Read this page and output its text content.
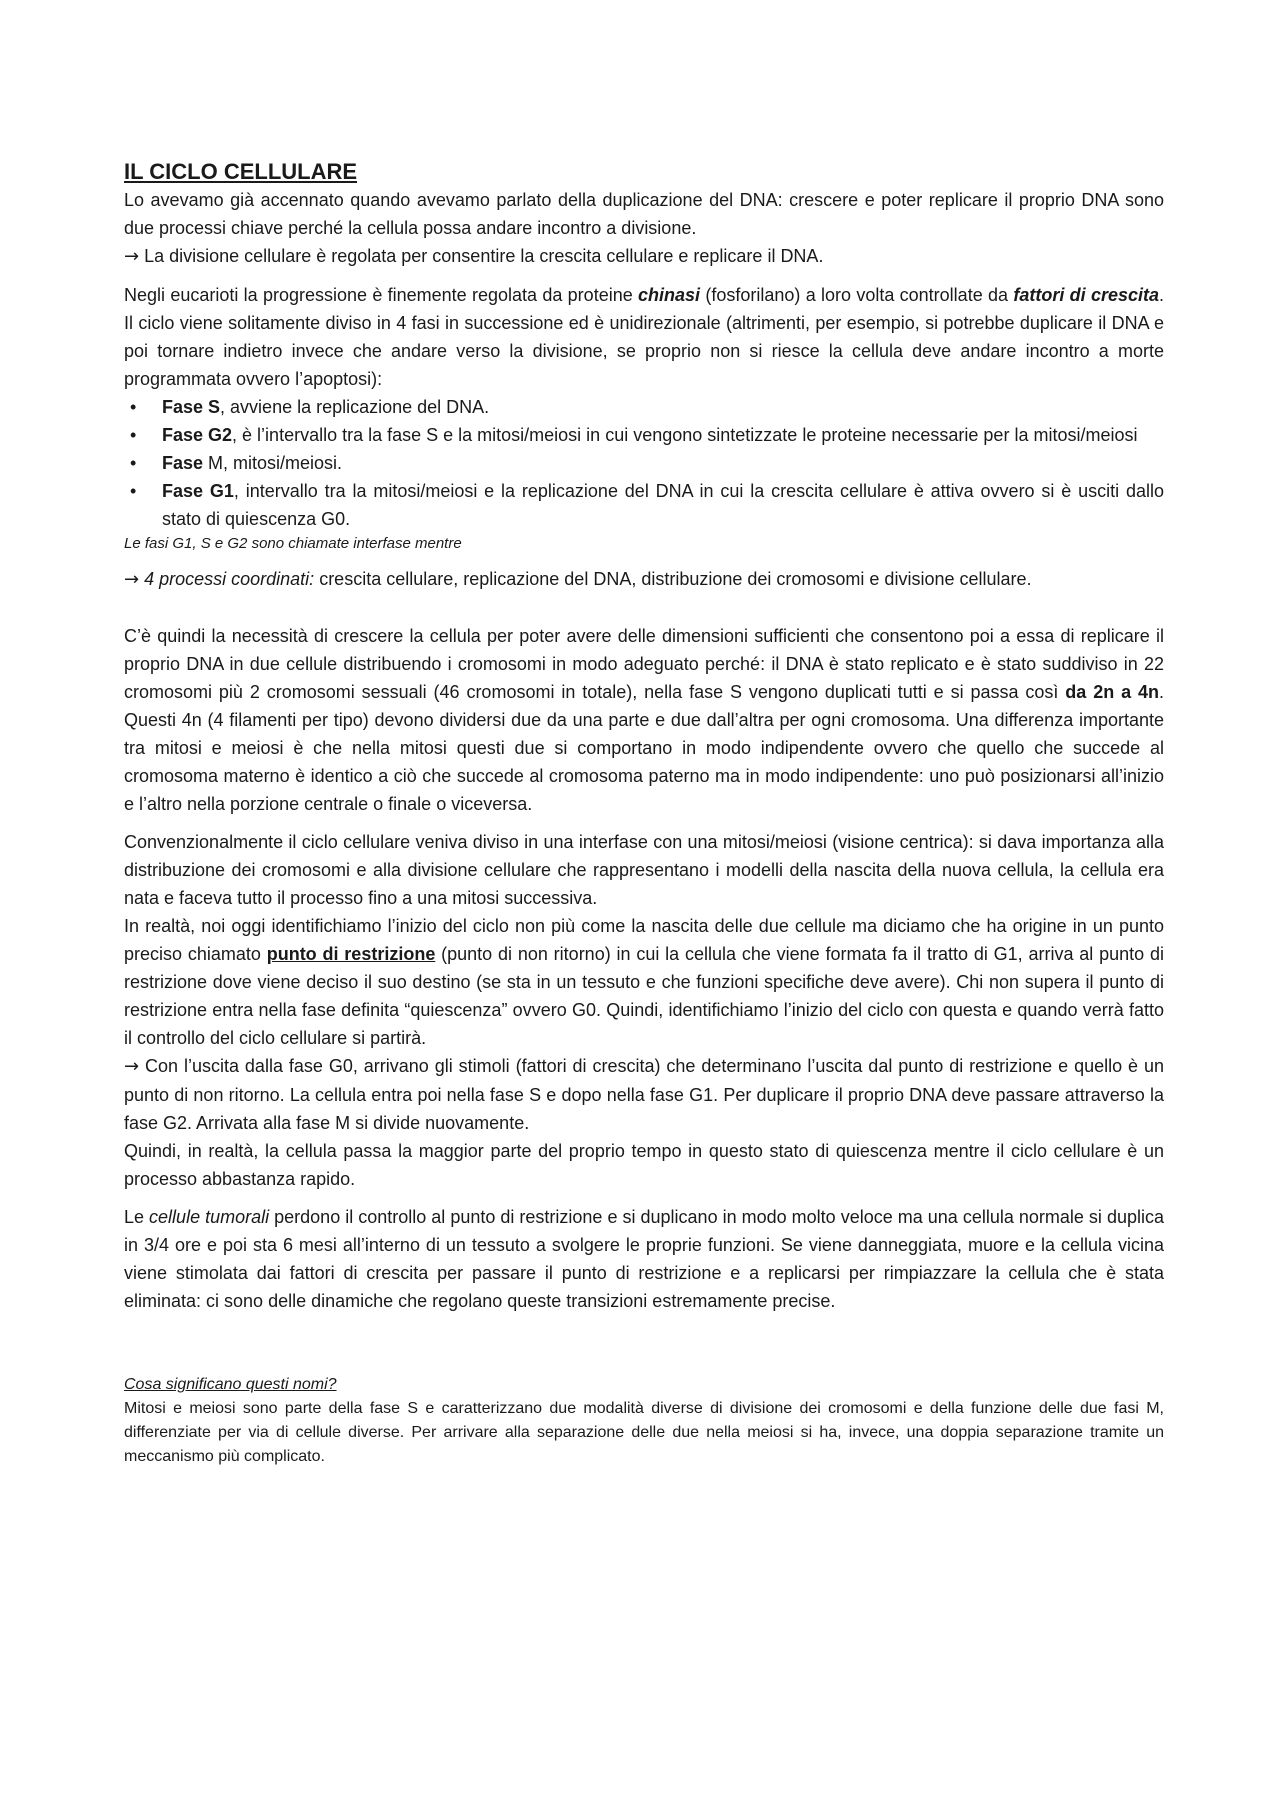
IL CICLO CELLULARE

Lo avevamo già accennato quando avevamo parlato della duplicazione del DNA: crescere e poter replicare il proprio DNA sono due processi chiave perché la cellula possa andare incontro a divisione.
→ La divisione cellulare è regolata per consentire la crescita cellulare e replicare il DNA.

Negli eucarioti la progressione è finemente regolata da proteine chinasi (fosforilano) a loro volta controllate da fattori di crescita. Il ciclo viene solitamente diviso in 4 fasi in successione ed è unidirezionale (altrimenti, per esempio, si potrebbe duplicare il DNA e poi tornare indietro invece che andare verso la divisione, se proprio non si riesce la cellula deve andare incontro a morte programmata ovvero l’apoptosi):

• Fase S, avviene la replicazione del DNA.
• Fase G2, è l’intervallo tra la fase S e la mitosi/meiosi in cui vengono sintetizzate le proteine necessarie per la mitosi/meiosi
• Fase M, mitosi/meiosi.
• Fase G1, intervallo tra la mitosi/meiosi e la replicazione del DNA in cui la crescita cellulare è attiva ovvero si è usciti dallo stato di quiescenza G0.

Le fasi G1, S e G2 sono chiamate interfase mentre

→ 4 processi coordinati: crescita cellulare, replicazione del DNA, distribuzione dei cromosomi e divisione cellulare.

C’è quindi la necessità di crescere la cellula per poter avere delle dimensioni sufficienti che consentono poi a essa di replicare il proprio DNA in due cellule distribuendo i cromosomi in modo adeguato perché: il DNA è stato replicato e è stato suddiviso in 22 cromosomi più 2 cromosomi sessuali (46 cromosomi in totale), nella fase S vengono duplicati tutti e si passa così da 2n a 4n. Questi 4n (4 filamenti per tipo) devono dividersi due da una parte e due dall’altra per ogni cromosoma. Una differenza importante tra mitosi e meiosi è che nella mitosi questi due si comportano in modo indipendente ovvero che quello che succede al cromosoma materno è identico a ciò che succede al cromosoma paterno ma in modo indipendente: uno può posizionarsi all’inizio e l’altro nella porzione centrale o finale o viceversa.

Convenzionalmente il ciclo cellulare veniva diviso in una interfase con una mitosi/meiosi (visione centrica): si dava importanza alla distribuzione dei cromosomi e alla divisione cellulare che rappresentano i modelli della nascita della nuova cellula, la cellula era nata e faceva tutto il processo fino a una mitosi successiva.

In realtà, noi oggi identifichiamo l’inizio del ciclo non più come la nascita delle due cellule ma diciamo che ha origine in un punto preciso chiamato punto di restrizione (punto di non ritorno) in cui la cellula che viene formata fa il tratto di G1, arriva al punto di restrizione dove viene deciso il suo destino (se sta in un tessuto e che funzioni specifiche deve avere). Chi non supera il punto di restrizione entra nella fase definita “quiescenza” ovvero G0. Quindi, identifichiamo l’inizio del ciclo con questa e quando verrà fatto il controllo del ciclo cellulare si partirà.

→ Con l’uscita dalla fase G0, arrivano gli stimoli (fattori di crescita) che determinano l’uscita dal punto di restrizione e quello è un punto di non ritorno. La cellula entra poi nella fase S e dopo nella fase G1. Per duplicare il proprio DNA deve passare attraverso la fase G2. Arrivata alla fase M si divide nuovamente.

Quindi, in realtà, la cellula passa la maggior parte del proprio tempo in questo stato di quiescenza mentre il ciclo cellulare è un processo abbastanza rapido.

Le cellule tumorali perdono il controllo al punto di restrizione e si duplicano in modo molto veloce ma una cellula normale si duplica in 3/4 ore e poi sta 6 mesi all’interno di un tessuto a svolgere le proprie funzioni. Se viene danneggiata, muore e la cellula vicina viene stimolata dai fattori di crescita per passare il punto di restrizione e a replicarsi per rimpiazzare la cellula che è stata eliminata: ci sono delle dinamiche che regolano queste transizioni estremamente precise.

Cosa significano questi nomi?

Mitosi e meiosi sono parte della fase S e caratterizzano due modalità diverse di divisione dei cromosomi e della funzione delle due fasi M, differenziate per via di cellule diverse. Per arrivare alla separazione delle due nella meiosi si ha, invece, una doppia separazione tramite un meccanismo più complicato.
